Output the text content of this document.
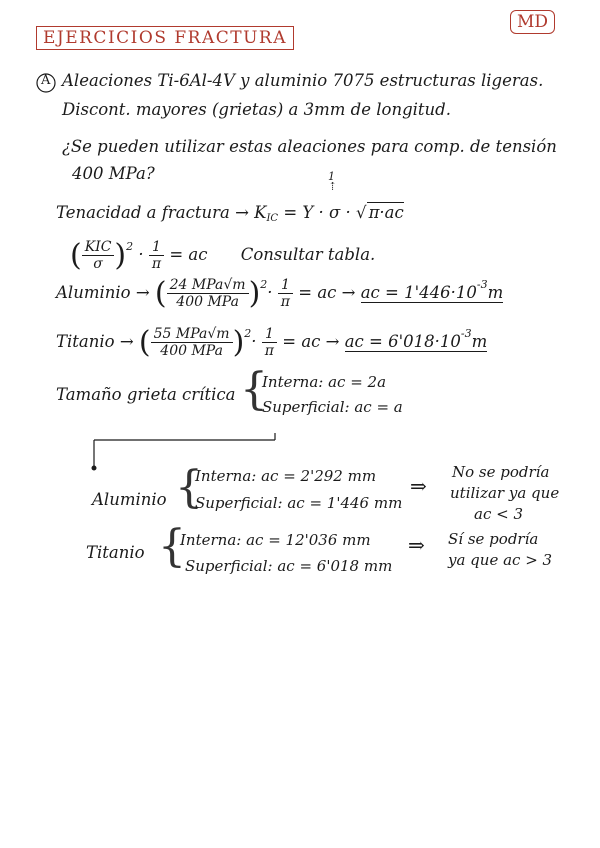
EJERCICIOS FRACTURA
MD
A Aleaciones Ti-6Al-4V y aluminio 7075 estructuras ligeras.
Discont. mayores (grietas) a 3mm de longitud.
¿Se pueden utilizar estas aleaciones para comp. de tensión
400 MPa?	1
⇡
Tenacidad a fractura → $K_{IC} = Y \cdot \sigma$ · √ π·ac
( $\frac{\text{KIC}}{\sigma} )^2 \cdot \frac{1}{\pi}$ = ac Consultar tabla.
Aluminio → ( $\frac{\text{24 MPa√m}}{\text{400 MPa}} )^2\cdot \frac{1}{\pi}$ = ac → ac = $1'446\cdot 10^{-3}m$
Titanio → ( $\frac{\text{55 MPa√m}}{\text{400 MPa}} )^2\cdot \frac{1}{\pi}$ = ac → ac = $6'018\cdot 10^{-3}m$
Tamaño grieta crítica {
Interna: ac = 2a
Superficial: ac = a
Aluminio {
Interna: ac = 2'292 mm
Superficial: ac = 1'446 mm
⇒
No se podría
utilizar ya que
ac < 3
Titanio {
Interna: ac = 12'036 mm
Superficial: ac = 6'018 mm
⇒ Sí se podría
ya que ac > 3
